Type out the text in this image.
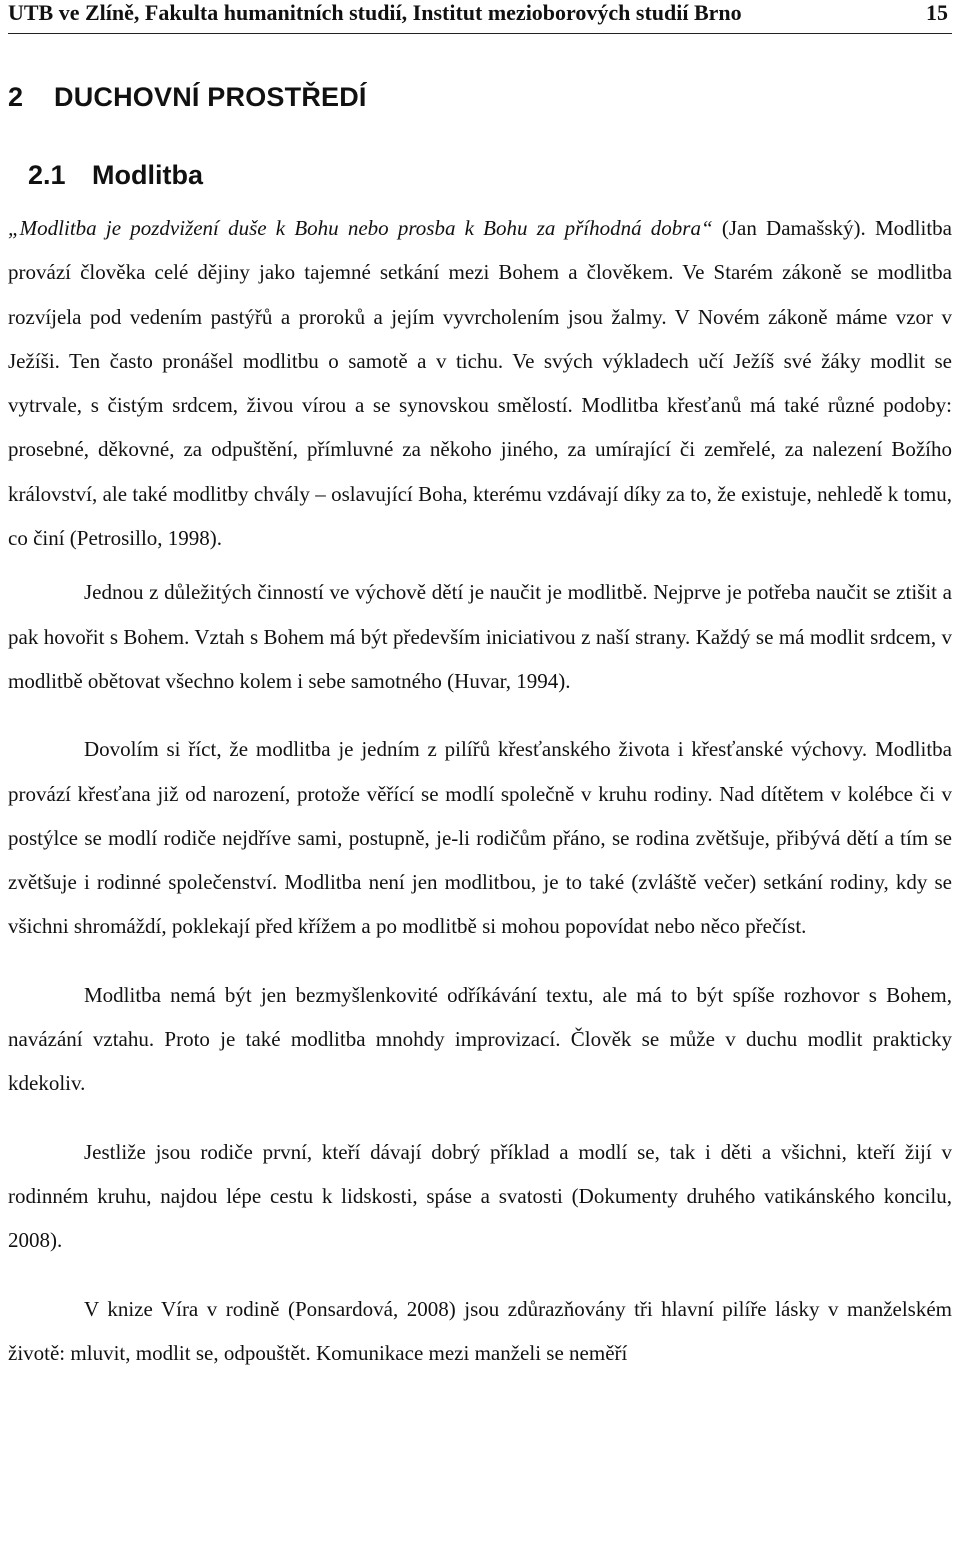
UTB ve Zlíně, Fakulta humanitních studií, Institut mezioborových studií Brno	15
2 DUCHOVNÍ PROSTŘEDÍ
2.1 Modlitba

„Modlitba je pozdvižení duše k Bohu nebo prosba k Bohu za příhodná dobra“ (Jan Damašský). Modlitba provází člověka celé dějiny jako tajemné setkání mezi Bohem a člověkem. Ve Starém zákoně se modlitba rozvíjela pod vedením pastýřů a proroků a jejím vyvrcholením jsou žalmy. V Novém zákoně máme vzor v Ježíši. Ten často pronášel modlitbu o samotě a v tichu. Ve svých výkladech učí Ježíš své žáky modlit se vytrvale, s čistým srdcem, živou vírou a se synovskou smělostí. Modlitba křesťanů má také různé podoby: prosebné, děkovné, za odpuštění, přímluvné za někoho jiného, za umírající či zemřelé, za nalezení Božího království, ale také modlitby chvály – oslavující Boha, kterému vzdávají díky za to, že existuje, nehledě k tomu, co činí (Petrosillo, 1998).

Jednou z důležitých činností ve výchově dětí je naučit je modlitbě. Nejprve je potřeba naučit se ztišit a pak hovořit s Bohem. Vztah s Bohem má být především iniciativou z naší strany. Každý se má modlit srdcem, v modlitbě obětovat všechno kolem i sebe samotného (Huvar, 1994).

Dovolím si říct, že modlitba je jedním z pilířů křesťanského života i křesťanské výchovy. Modlitba provází křesťana již od narození, protože věřící se modlí společně v kruhu rodiny. Nad dítětem v kolébce či v postýlce se modlí rodiče nejdříve sami, postupně, je-li rodičům přáno, se rodina zvětšuje, přibývá dětí a tím se zvětšuje i rodinné společenství. Modlitba není jen modlitbou, je to také (zvláště večer) setkání rodiny, kdy se všichni shromáždí, poklekají před křížem a po modlitbě si mohou popovídat nebo něco přečíst.

Modlitba nemá být jen bezmyšlenkovité odříkávání textu, ale má to být spíše rozhovor s Bohem, navázání vztahu. Proto je také modlitba mnohdy improvizací. Člověk se může v duchu modlit prakticky kdekoliv.

Jestliže jsou rodiče první, kteří dávají dobrý příklad a modlí se, tak i děti a všichni, kteří žijí v rodinném kruhu, najdou lépe cestu k lidskosti, spáse a svatosti (Dokumenty druhého vatikánského koncilu, 2008).

V knize Víra v rodině (Ponsardová, 2008) jsou zdůrazňovány tři hlavní pilíře lásky v manželském životě: mluvit, modlit se, odpouštět. Komunikace mezi manželi se neměří
